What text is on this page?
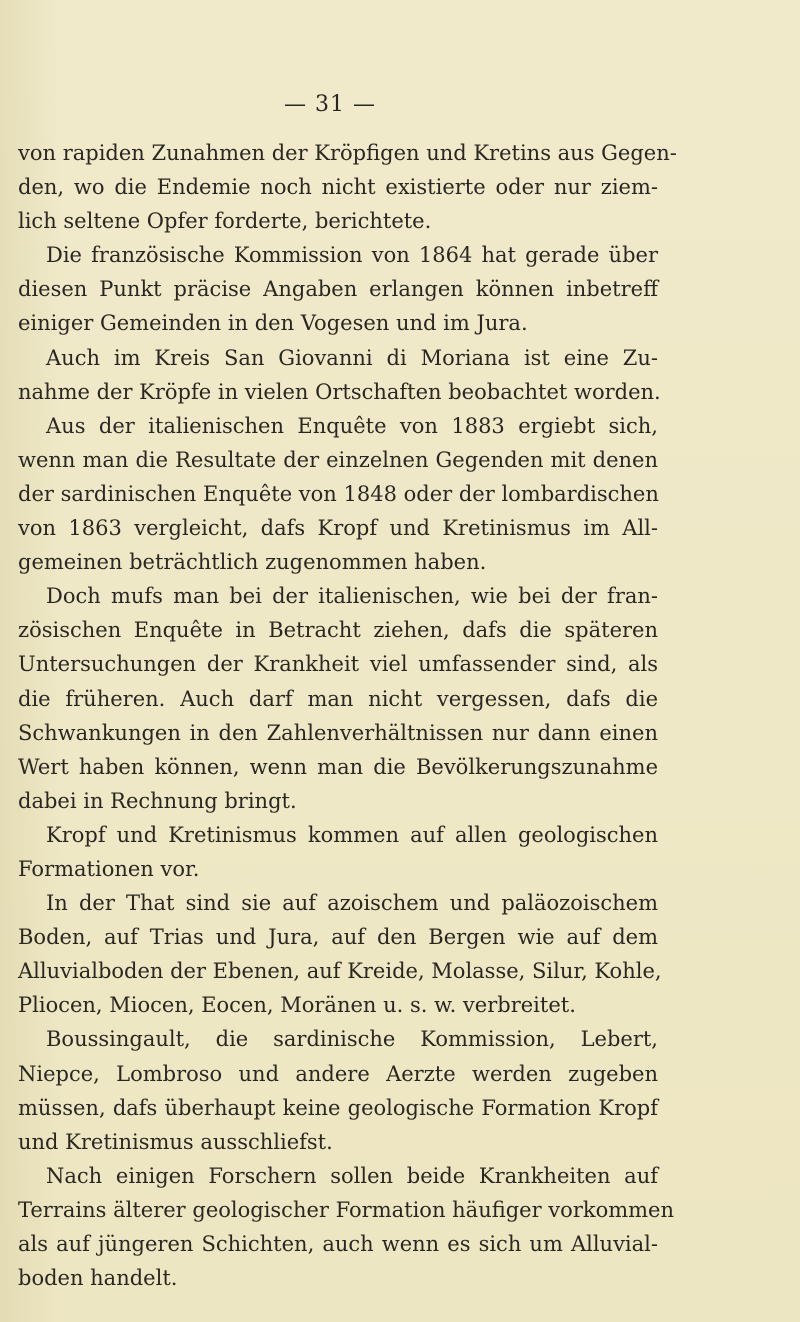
— 31 —
von rapiden Zunahmen der Kröpfigen und Kretins aus Gegen-
den, wo die Endemie noch nicht existierte oder nur ziem-
lich seltene Opfer forderte, berichtete.
Die französische Kommission von 1864 hat gerade über
diesen Punkt präcise Angaben erlangen können inbetreff
einiger Gemeinden in den Vogesen und im Jura.
Auch im Kreis San Giovanni di Moriana ist eine Zu-
nahme der Kröpfe in vielen Ortschaften beobachtet worden.
Aus der italienischen Enquête von 1883 ergiebt sich,
wenn man die Resultate der einzelnen Gegenden mit denen
der sardinischen Enquête von 1848 oder der lombardischen
von 1863 vergleicht, dafs Kropf und Kretinismus im All-
gemeinen beträchtlich zugenommen haben.
Doch mufs man bei der italienischen, wie bei der fran-
zösischen Enquête in Betracht ziehen, dafs die späteren
Untersuchungen der Krankheit viel umfassender sind, als
die früheren. Auch darf man nicht vergessen, dafs die
Schwankungen in den Zahlenverhältnissen nur dann einen
Wert haben können, wenn man die Bevölkerungszunahme
dabei in Rechnung bringt.
Kropf und Kretinismus kommen auf allen geologischen
Formationen vor.
In der That sind sie auf azoischem und paläozoischem
Boden, auf Trias und Jura, auf den Bergen wie auf dem
Alluvialboden der Ebenen, auf Kreide, Molasse, Silur, Kohle,
Pliocen, Miocen, Eocen, Moränen u. s. w. verbreitet.
Boussingault, die sardinische Kommission, Lebert,
Niepce, Lombroso und andere Aerzte werden zugeben
müssen, dafs überhaupt keine geologische Formation Kropf
und Kretinismus ausschliefst.
Nach einigen Forschern sollen beide Krankheiten auf
Terrains älterer geologischer Formation häufiger vorkommen
als auf jüngeren Schichten, auch wenn es sich um Alluvial-
boden handelt.
